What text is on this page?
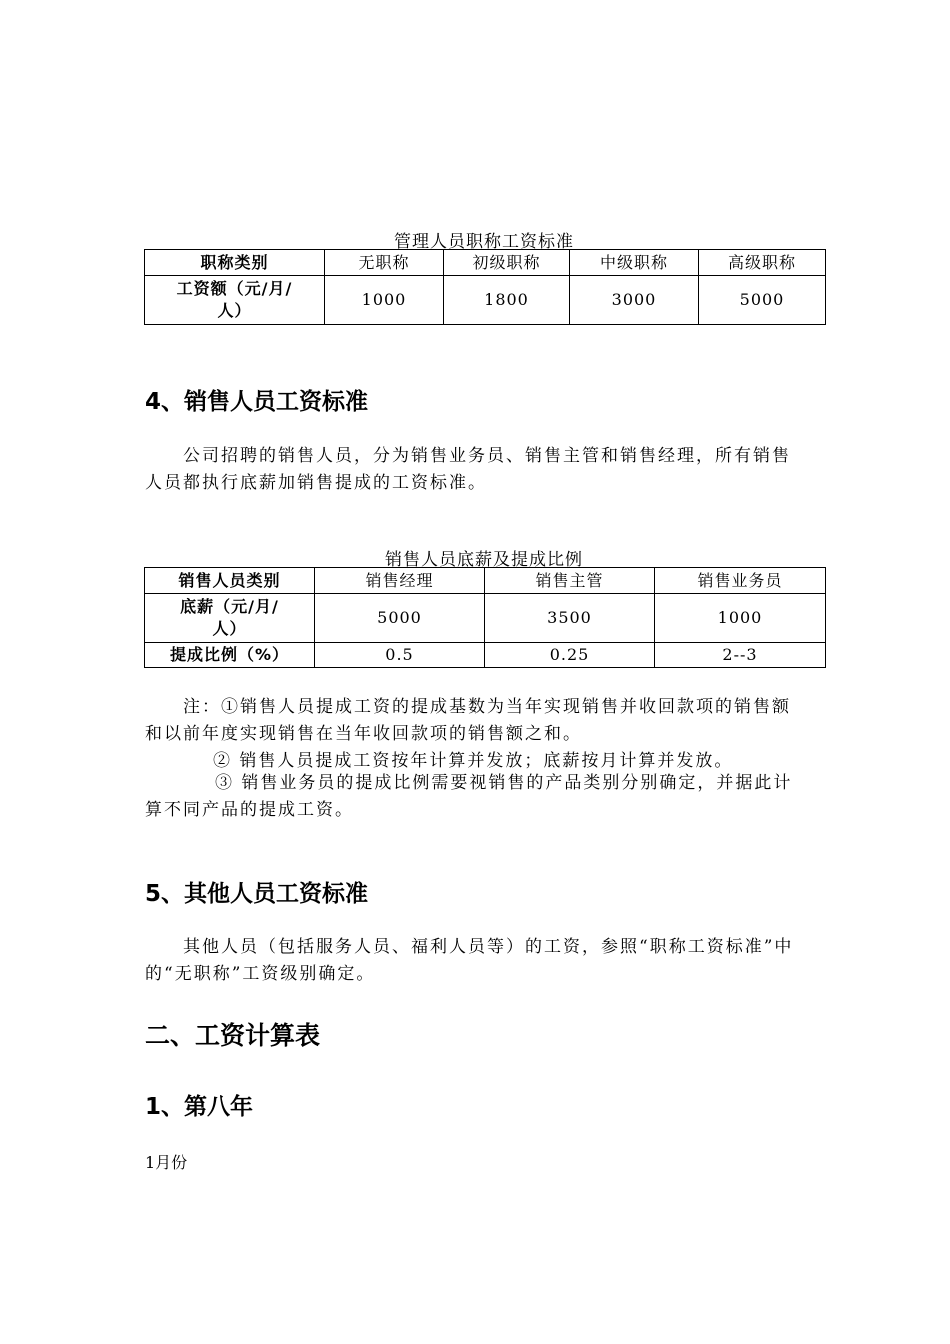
管理人员职称工资标准
职称类别	无职称	初级职称	中级职称	高级职称

工资额（元/月/
人）	1000	1800	3000	5000
4、销售人员工资标准
公司招聘的销售人员，分为销售业务员、销售主管和销售经理，所有销售人员都执行底薪加销售提成的工资标准。
销售人员底薪及提成比例
销售人员类别	销售经理	销售主管	销售业务员

底薪（元/月/
人）	5000	3500	1000
提成比例（%）	0.5	0.25	2--3
注：①销售人员提成工资的提成基数为当年实现销售并收回款项的销售额和以前年度实现销售在当年收回款项的销售额之和。
② 销售人员提成工资按年计算并发放；底薪按月计算并发放。
③ 销售业务员的提成比例需要视销售的产品类别分别确定，并据此计算不同产品的提成工资。
5、其他人员工资标准
其他人员（包括服务人员、福利人员等）的工资，参照“职称工资标准”中的“无职称”工资级别确定。
二、工资计算表
1、第八年
1月份
